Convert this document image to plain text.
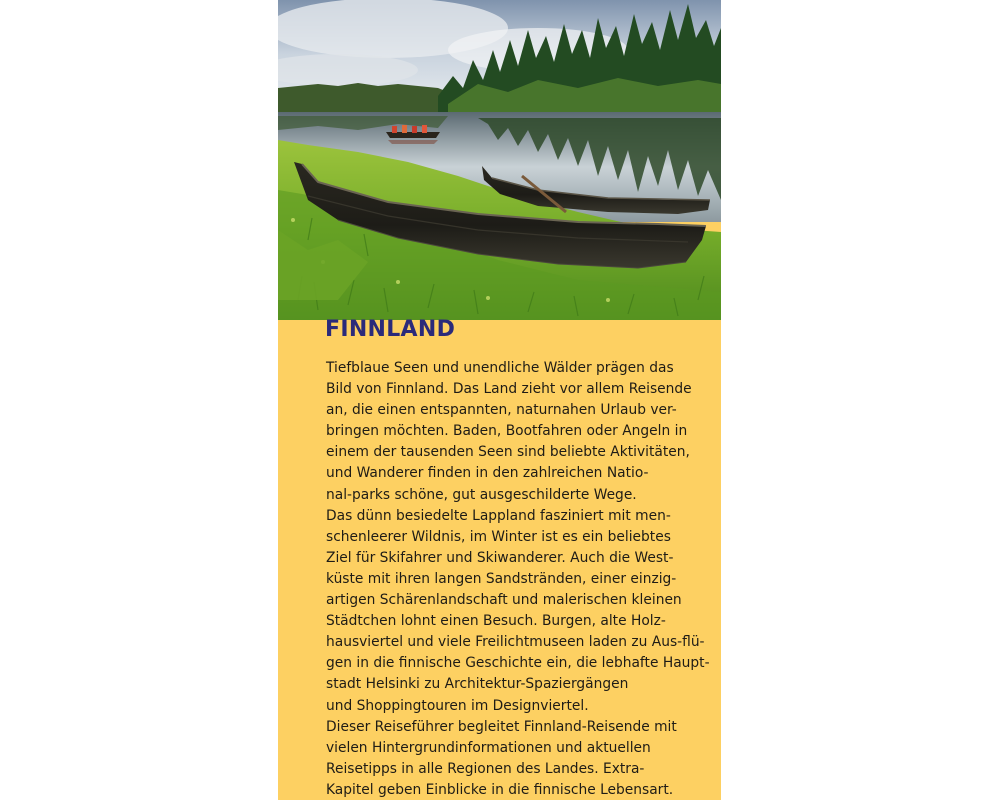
FINNLAND

Tiefblaue Seen und unendliche Wälder prägen das
Bild von Finnland. Das Land zieht vor allem Reisende
an, die einen entspannten, naturnahen Urlaub ver-
bringen möchten. Baden, Bootfahren oder Angeln in
einem der tausenden Seen sind beliebte Aktivitäten,
und Wanderer finden in den zahlreichen Natio-
nal-parks schöne, gut ausgeschilderte Wege.
Das dünn besiedelte Lappland fasziniert mit men-
schenleerer Wildnis, im Winter ist es ein beliebtes
Ziel für Skifahrer und Skiwanderer. Auch die West-
küste mit ihren langen Sandstränden, einer einzig-
artigen Schärenlandschaft und malerischen kleinen
Städtchen lohnt einen Besuch. Burgen, alte Holz-
hausviertel und viele Freilichtmuseen laden zu Aus-flü-
gen in die finnische Geschichte ein, die lebhafte Haupt-
stadt Helsinki zu Architektur-Spaziergängen
und Shoppingtouren im Designviertel.
Dieser Reiseführer begleitet Finnland-Reisende mit
vielen Hintergrundinformationen und aktuellen
Reisetipps in alle Regionen des Landes. Extra-
Kapitel geben Einblicke in die finnische Lebensart.
